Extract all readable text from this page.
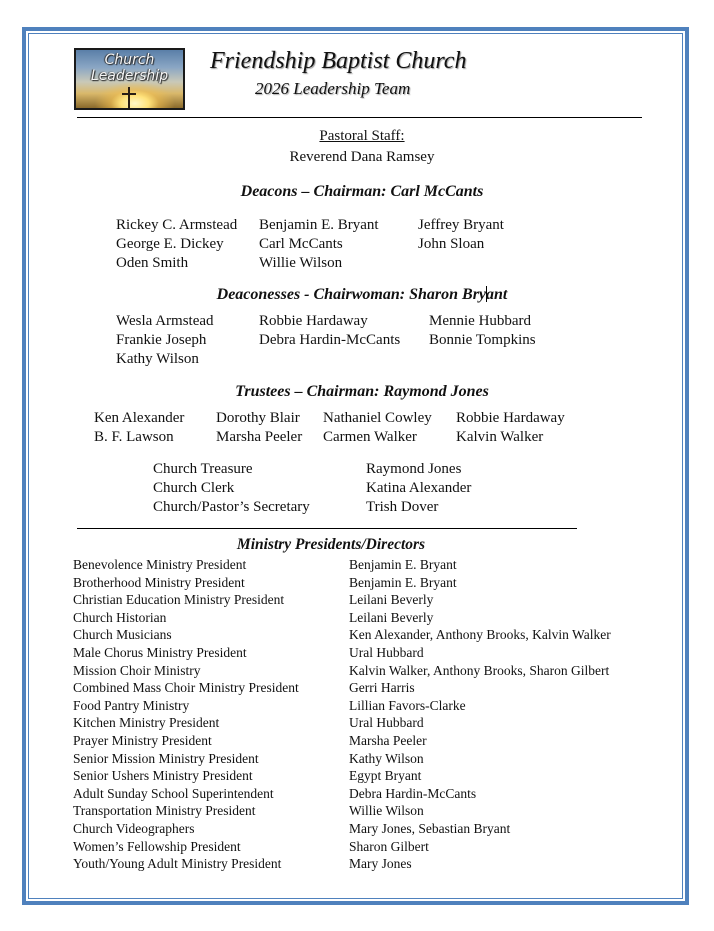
Church
Leadership
Friendship Baptist Church
2026 Leadership Team
Pastoral Staff:
Reverend Dana Ramsey
Deacons – Chairman: Carl McCants
Rickey C. Armstead
George E. Dickey
Oden Smith
Benjamin E. Bryant
Carl McCants
Willie Wilson
Jeffrey Bryant
John Sloan
Deaconesses - Chairwoman: Sharon Bryant
Wesla Armstead
Frankie Joseph
Kathy Wilson
Robbie Hardaway
Debra Hardin-McCants
Mennie Hubbard
Bonnie Tompkins
Trustees – Chairman: Raymond Jones
Ken Alexander
B. F. Lawson
Dorothy Blair
Marsha Peeler
Nathaniel Cowley
Carmen Walker
Robbie Hardaway
Kalvin Walker
Church Treasure
Church Clerk
Church/Pastor’s Secretary
Raymond Jones
Katina Alexander
Trish Dover
Ministry Presidents/Directors
Benevolence Ministry President
Brotherhood Ministry President
Christian Education Ministry President
Church Historian
Church Musicians
Male Chorus Ministry President
Mission Choir Ministry
Combined Mass Choir Ministry President
Food Pantry Ministry
Kitchen Ministry President
Prayer Ministry President
Senior Mission Ministry President
Senior Ushers Ministry President
Adult Sunday School Superintendent
Transportation Ministry President
Church Videographers
Women’s Fellowship President
Youth/Young Adult Ministry President
Benjamin E. Bryant
Benjamin E. Bryant
Leilani Beverly
Leilani Beverly
Ken Alexander, Anthony Brooks, Kalvin Walker
Ural Hubbard
Kalvin Walker, Anthony Brooks, Sharon Gilbert
Gerri Harris
Lillian Favors-Clarke
Ural Hubbard
Marsha Peeler
Kathy Wilson
Egypt Bryant
Debra Hardin-McCants
Willie Wilson
Mary Jones, Sebastian Bryant
Sharon Gilbert
Mary Jones
